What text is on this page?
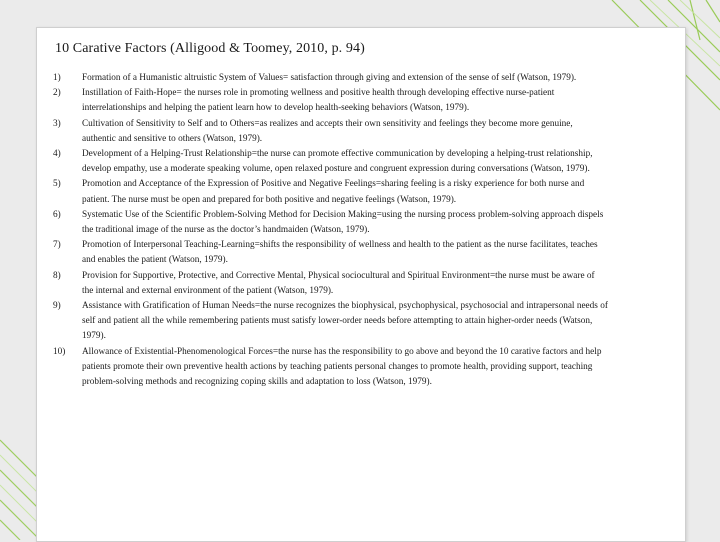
10 Carative Factors (Alligood & Toomey, 2010, p. 94)
1)	Formation of a Humanistic altruistic System of Values= satisfaction through giving and extension of the sense of self (Watson, 1979).
2)	Instillation of Faith-Hope= the nurses role in promoting wellness and positive health through developing effective nurse-patient interrelationships and helping the patient learn how to develop health-seeking behaviors (Watson, 1979).
3)	Cultivation of Sensitivity to Self and to Others=as realizes and accepts their own sensitivity and feelings they become more genuine, authentic and sensitive to others (Watson, 1979).
4)	Development of a Helping-Trust Relationship=the nurse can promote effective communication by developing a helping-trust relationship, develop empathy, use a moderate speaking volume, open relaxed posture and congruent expression during conversations (Watson, 1979).
5)	Promotion and Acceptance of the Expression of Positive and Negative Feelings=sharing feeling is a risky experience for both nurse and patient. The nurse must be open and prepared for both positive and negative feelings (Watson, 1979).
6)	Systematic Use of the Scientific Problem-Solving Method for Decision Making=using the nursing process problem-solving approach dispels the traditional image of the nurse as the doctor’s handmaiden (Watson, 1979).
7)	Promotion of Interpersonal Teaching-Learning=shifts the responsibility of wellness and health to the patient as the nurse facilitates, teaches and enables the patient (Watson, 1979).
8)	Provision for Supportive, Protective, and Corrective Mental, Physical sociocultural and Spiritual Environment=the nurse must be aware of the internal and external environment of the patient (Watson, 1979).
9)	Assistance with Gratification of Human Needs=the nurse recognizes the biophysical, psychophysical, psychosocial and intrapersonal needs of self and patient all the while remembering patients must satisfy lower-order needs before attempting to attain higher-order needs (Watson, 1979).
10)	Allowance of Existential-Phenomenological Forces=the nurse has the responsibility to go above and beyond the 10 carative factors and help patients promote their own preventive health actions by teaching patients personal changes to promote health, providing support, teaching problem-solving methods and recognizing coping skills and adaptation to loss (Watson, 1979).
